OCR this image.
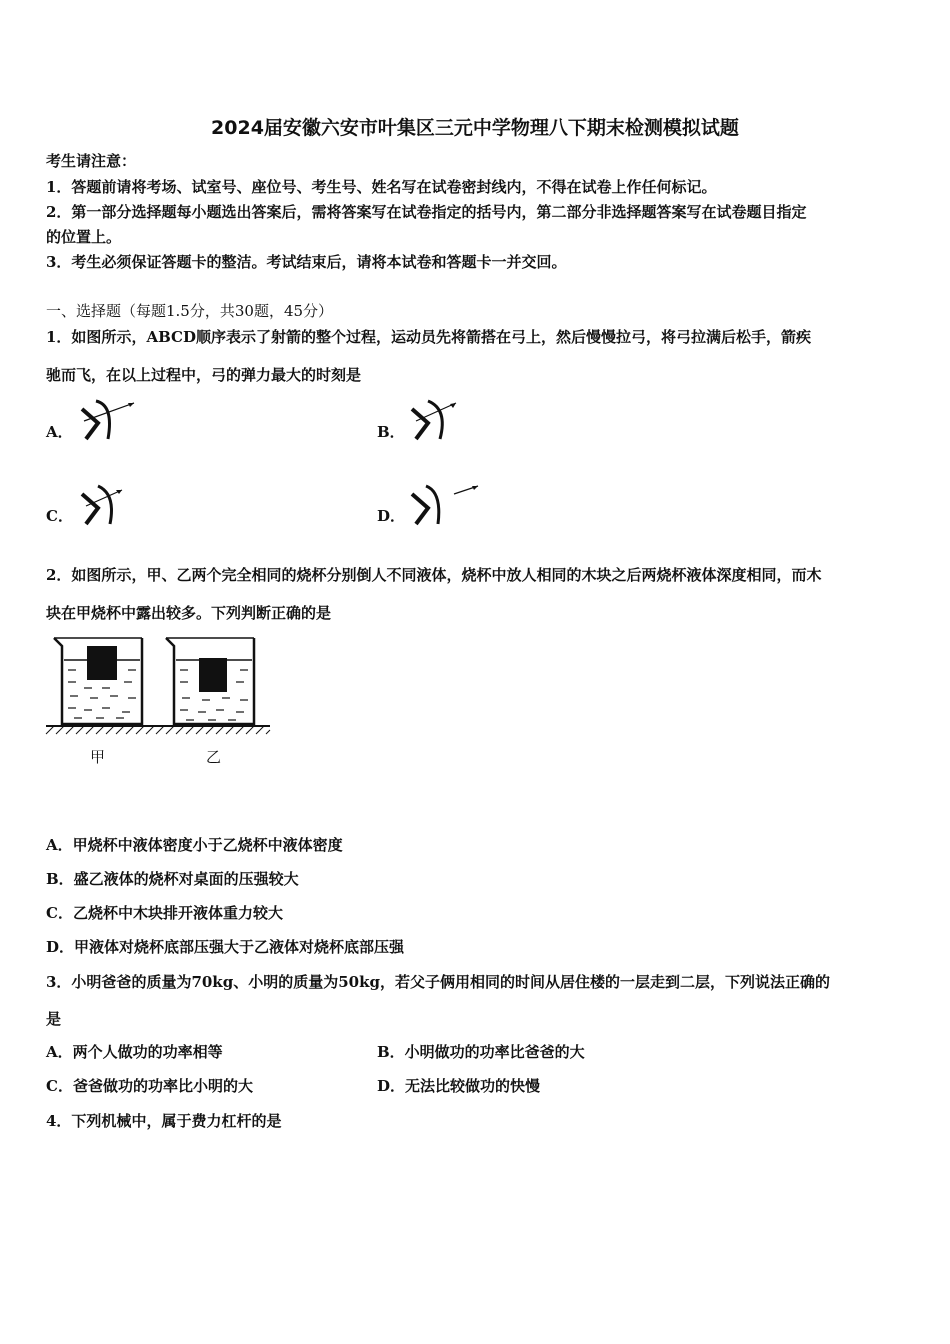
2024届安徽六安市叶集区三元中学物理八下期末检测模拟试题
考生请注意：
1．答题前请将考场、试室号、座位号、考生号、姓名写在试卷密封线内，不得在试卷上作任何标记。
2．第一部分选择题每小题选出答案后，需将答案写在试卷指定的括号内，第二部分非选择题答案写在试卷题目指定
的位置上。
3．考生必须保证答题卡的整洁。考试结束后，请将本试卷和答题卡一并交回。
一、选择题（每题1.5分，共30题，45分）
1．如图所示，ABCD顺序表示了射箭的整个过程，运动员先将箭搭在弓上，然后慢慢拉弓，将弓拉满后松手，箭疾
驰而飞，在以上过程中，弓的弹力最大的时刻是
A．	B．
C．	D．
2．如图所示，甲、乙两个完全相同的烧杯分别倒人不同液体，烧杯中放人相同的木块之后两烧杯液体深度相同，而木
块在甲烧杯中露出较多。下列判断正确的是
甲	乙
A．甲烧杯中液体密度小于乙烧杯中液体密度
B．盛乙液体的烧杯对桌面的压强较大
C．乙烧杯中木块排开液体重力较大
D．甲液体对烧杯底部压强大于乙液体对烧杯底部压强
3．小明爸爸的质量为70kg、小明的质量为50kg，若父子俩用相同的时间从居住楼的一层走到二层，下列说法正确的
是
A．两个人做功的功率相等	B．小明做功的功率比爸爸的大
C．爸爸做功的功率比小明的大	D．无法比较做功的快慢
4．下列机械中，属于费力杠杆的是
